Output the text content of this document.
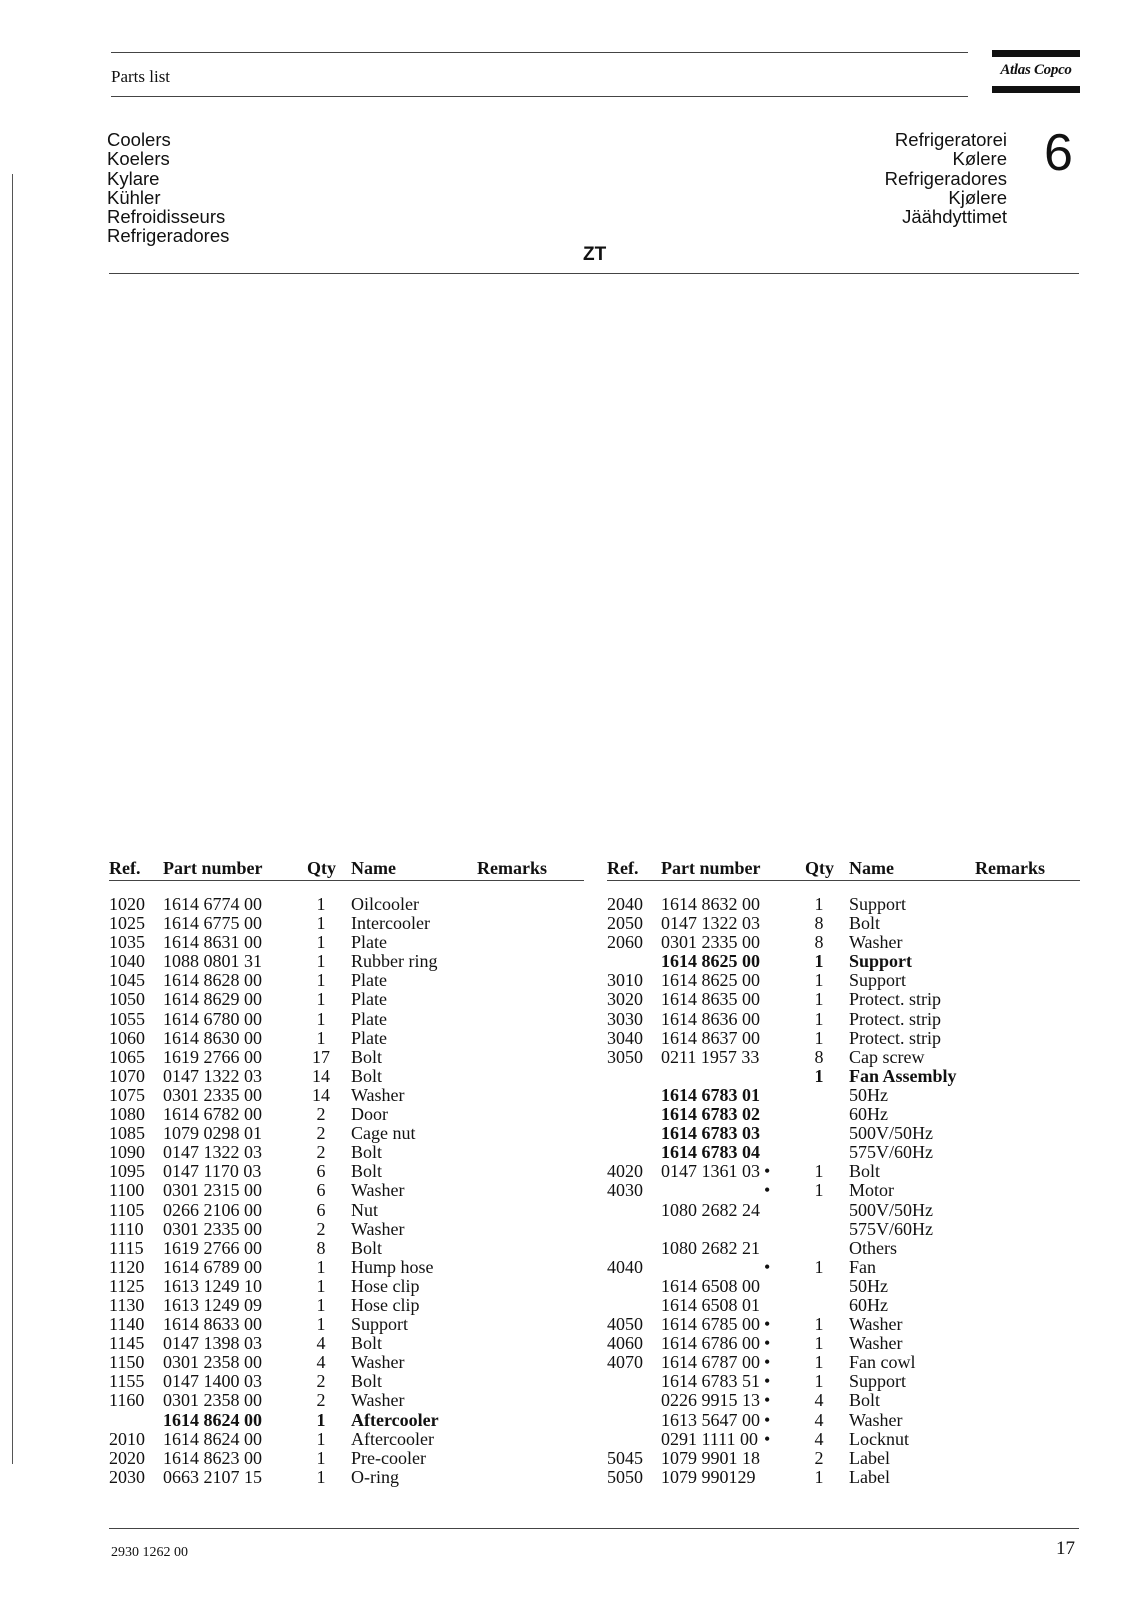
Parts list	Atlas Copco
Coolers
Koelers
Kylare
Kühler
Refroidisseurs
Refrigeradores
Refrigeratorei
Kølere
Refrigeradores
Kjølere
Jäähdyttimet
6
ZT
Ref. Part number Qty Name	Remarks
1020 1614 6774 00	1	Oilcooler
1025 1614 6775 00	1	Intercooler
1035 1614 8631 00	1	Plate
1040 1088 0801 31	1	Rubber ring
1045 1614 8628 00	1	Plate
1050 1614 8629 00	1	Plate
1055 1614 6780 00	1	Plate
1060 1614 8630 00	1	Plate
1065 1619 2766 00	17	Bolt
1070 0147 1322 03	14	Bolt
1075 0301 2335 00	14	Washer
1080 1614 6782 00	2	Door
1085 1079 0298 01	2	Cage nut
1090 0147 1322 03	2	Bolt
1095 0147 1170 03	6	Bolt
1100 0301 2315 00	6	Washer
1105 0266 2106 00	6	Nut
1110 0301 2335 00	2	Washer
1115 1619 2766 00	8	Bolt
1120 1614 6789 00	1	Hump hose
1125 1613 1249 10	1	Hose clip
1130 1613 1249 09	1	Hose clip
1140 1614 8633 00	1	Support
1145 0147 1398 03	4	Bolt
1150 0301 2358 00	4	Washer
1155 0147 1400 03	2	Bolt
1160 0301 2358 00	2	Washer
1614 8624 00	1	Aftercooler
2010 1614 8624 00	1	Aftercooler
2020 1614 8623 00	1	Pre-cooler
2030 0663 2107 15	1	O-ring
Ref. Part number Qty Name	Remarks
2040 1614 8632 00	1	Support
2050 0147 1322 03	8	Bolt
2060 0301 2335 00	8	Washer
1614 8625 00	1	Support
3010 1614 8625 00	1	Support
3020 1614 8635 00	1	Protect. strip
3030 1614 8636 00	1	Protect. strip
3040 1614 8637 00	1	Protect. strip
3050 0211 1957 33	8	Cap screw
1	Fan Assembly
1614 6783 01	50Hz
1614 6783 02	60Hz
1614 6783 03	500V/50Hz
1614 6783 04	575V/60Hz
4020 0147 1361 03 •	1	Bolt
4030	•	1	Motor
1080 2682 24	500V/50Hz
575V/60Hz
1080 2682 21	Others
4040	•	1	Fan
1614 6508 00	50Hz
1614 6508 01	60Hz
4050 1614 6785 00 •	1	Washer
4060 1614 6786 00 •	1	Washer
4070 1614 6787 00 •	1	Fan cowl
1614 6783 51 •	1	Support
0226 9915 13 •	4	Bolt
1613 5647 00 •	4	Washer
0291 1111 00 •	4	Locknut
5045 1079 9901 18	2	Label
5050 1079 990129	1	Label
2930 1262 00	17
